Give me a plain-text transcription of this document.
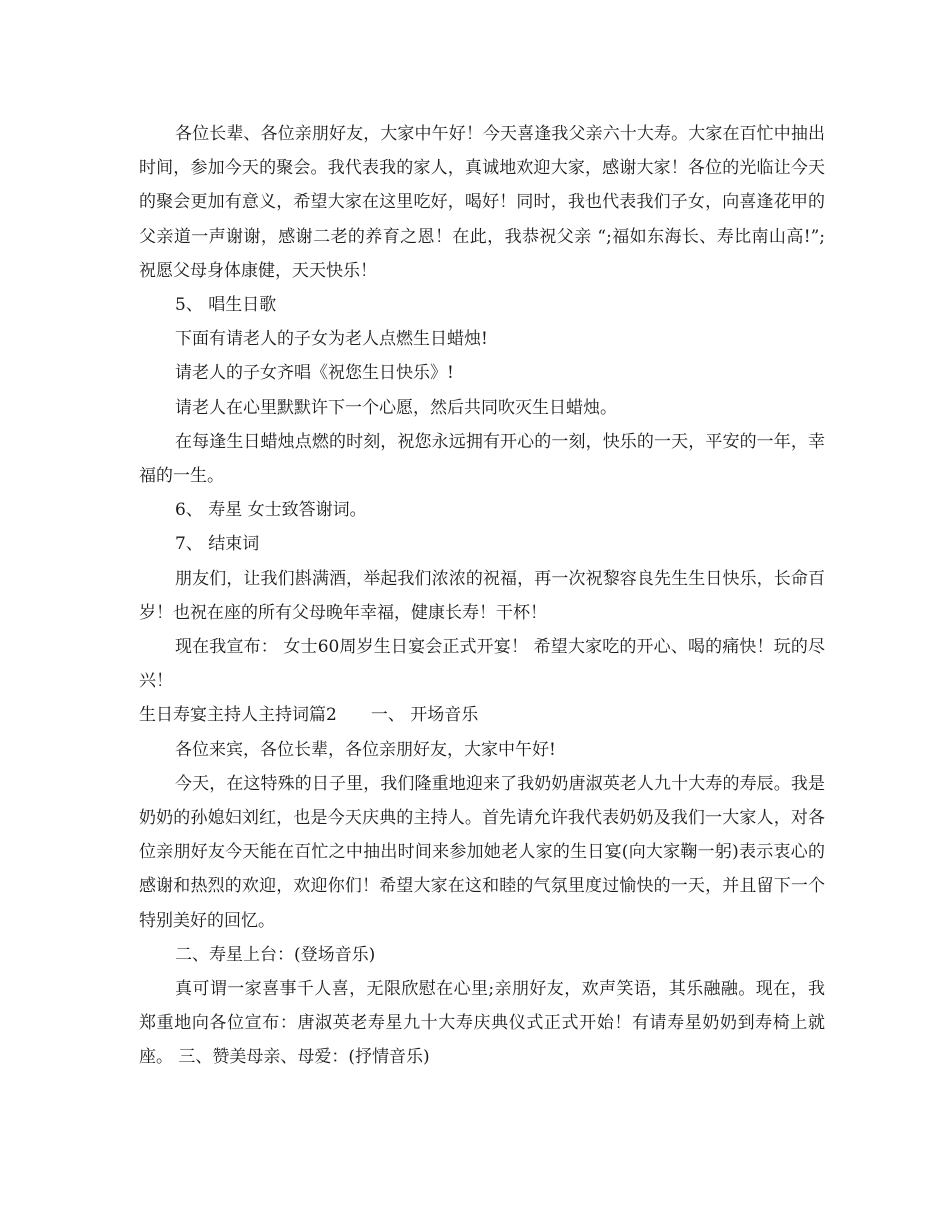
各位长辈、各位亲朋好友，大家中午好！今天喜逢我父亲六十大寿。大家在百忙中抽出时间，参加今天的聚会。我代表我的家人，真诚地欢迎大家，感谢大家！各位的光临让今天的聚会更加有意义，希望大家在这里吃好，喝好！同时，我也代表我们子女，向喜逢花甲的父亲道一声谢谢，感谢二老的养育之恩！在此，我恭祝父亲 “;福如东海长、寿比南山高!”;祝愿父母身体康健，天天快乐！

5、 唱生日歌

下面有请老人的子女为老人点燃生日蜡烛!

请老人的子女齐唱《祝您生日快乐》!

请老人在心里默默许下一个心愿，然后共同吹灭生日蜡烛。

在每逢生日蜡烛点燃的时刻，祝您永远拥有开心的一刻，快乐的一天，平安的一年，幸福的一生。

6、 寿星 女士致答谢词。

7、 结束词

朋友们，让我们斟满酒，举起我们浓浓的祝福，再一次祝黎容良先生生日快乐，长命百岁！也祝在座的所有父母晚年幸福，健康长寿！干杯！

现在我宣布： 女士60周岁生日宴会正式开宴！ 希望大家吃的开心、喝的痛快！玩的尽兴！

生日寿宴主持人主持词篇2　　一、 开场音乐

各位来宾，各位长辈，各位亲朋好友，大家中午好!

今天，在这特殊的日子里，我们隆重地迎来了我奶奶唐淑英老人九十大寿的寿辰。我是奶奶的孙媳妇刘红，也是今天庆典的主持人。首先请允许我代表奶奶及我们一大家人，对各位亲朋好友今天能在百忙之中抽出时间来参加她老人家的生日宴(向大家鞠一躬)表示衷心的感谢和热烈的欢迎，欢迎你们！希望大家在这和睦的气氛里度过愉快的一天，并且留下一个特别美好的回忆。

二、寿星上台：(登场音乐)

真可谓一家喜事千人喜，无限欣慰在心里;亲朋好友，欢声笑语，其乐融融。现在，我郑重地向各位宣布：唐淑英老寿星九十大寿庆典仪式正式开始！有请寿星奶奶到寿椅上就座。 三、赞美母亲、母爱：(抒情音乐)
